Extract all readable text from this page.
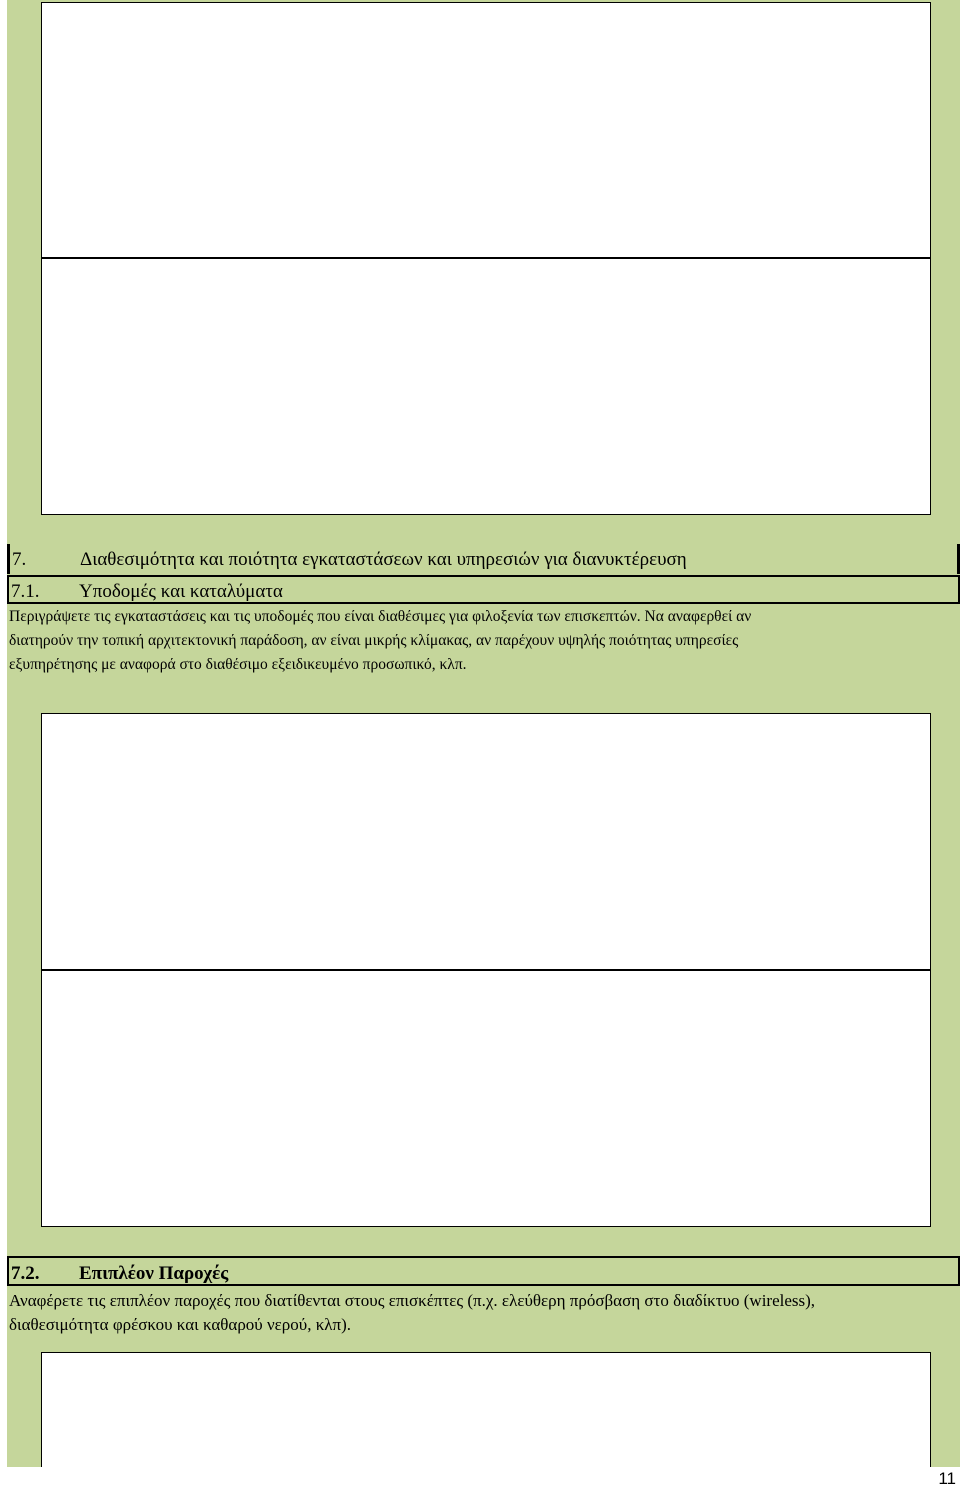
7.	Διαθεσιμότητα και ποιότητα εγκαταστάσεων και υπηρεσιών για διανυκτέρευση
7.1. Υποδομές και καταλύματα

Περιγράψετε τις εγκαταστάσεις και τις υποδομές που είναι διαθέσιμες για φιλοξενία των επισκεπτών. Να αναφερθεί αν

διατηρούν την τοπική αρχιτεκτονική παράδοση, αν είναι μικρής κλίμακας, αν παρέχουν υψηλής ποιότητας υπηρεσίες

εξυπηρέτησης με αναφορά στο διαθέσιμο εξειδικευμένο προσωπικό, κλπ.

7.2. Επιπλέον Παροχές

Αναφέρετε τις επιπλέον παροχές που διατίθενται στους επισκέπτες (π.χ. ελεύθερη πρόσβαση στο διαδίκτυο (wireless),

διαθεσιμότητα φρέσκου και καθαρού νερού, κλπ).

11
